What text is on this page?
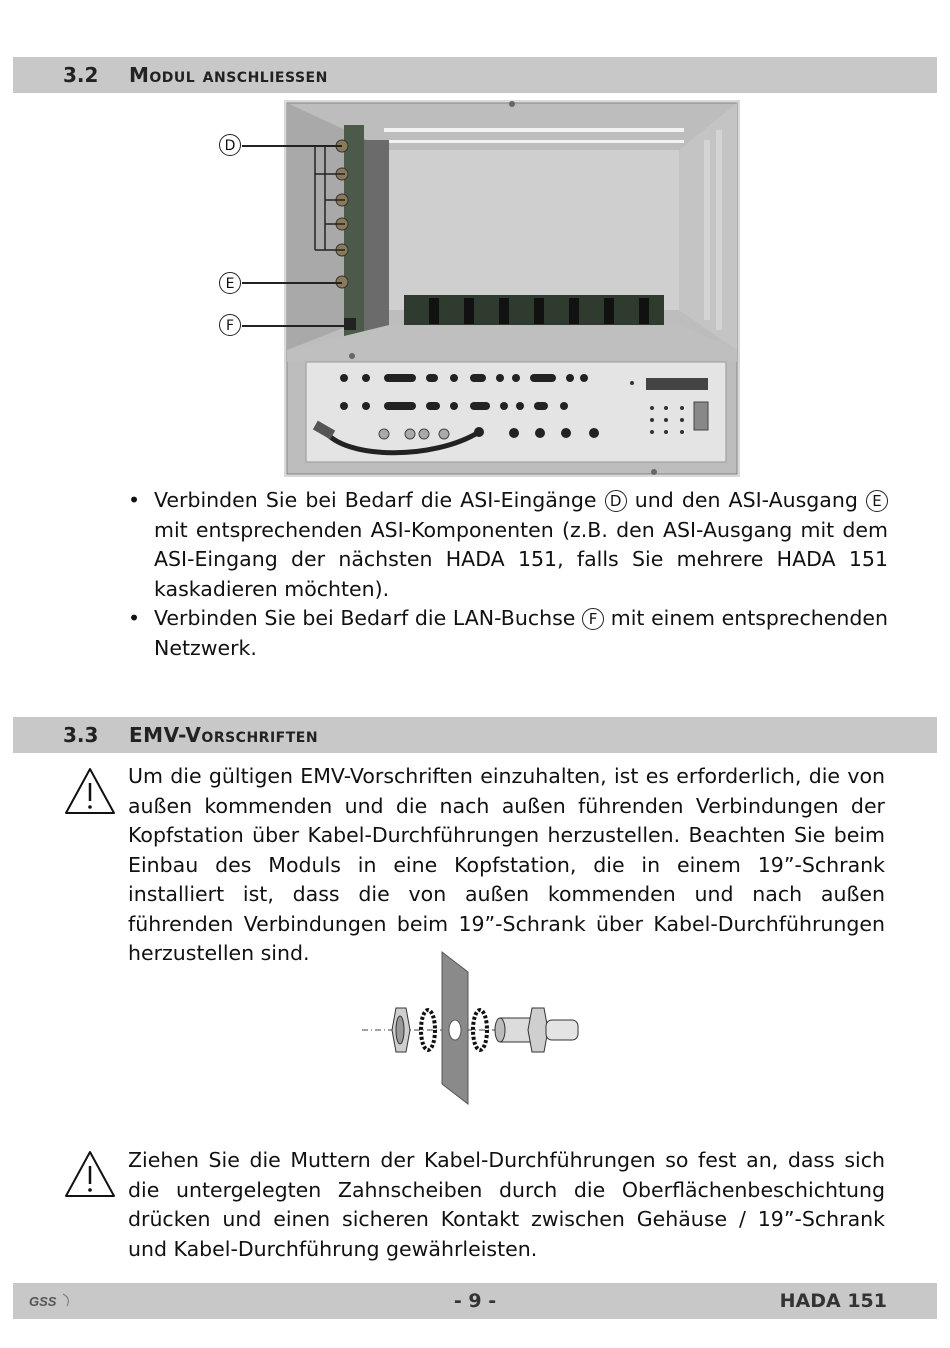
3.2 Modul anschliessen
D
E
F
• Verbinden Sie bei Bedarf die ASI-Eingänge D und den ASI-Ausgang E mit entsprechenden ASI-Komponenten (z.B. den ASI-Ausgang mit dem ASI-Eingang der nächsten HADA 151, falls Sie mehrere HADA 151 kaskadieren möchten).
• Verbinden Sie bei Bedarf die LAN-Buchse F mit einem entsprechenden Netzwerk.
3.3 EMV-Vorschriften
Um die gültigen EMV-Vorschriften einzuhalten, ist es erforderlich, die von außen kommenden und die nach außen führenden Verbindungen der Kopfstation über Kabel-Durchführungen herzustellen. Beachten Sie beim Einbau des Moduls in eine Kopfstation, die in einem 19”-Schrank installiert ist, dass die von außen kommenden und nach außen führenden Verbindungen beim 19”-Schrank über Kabel-Durchführungen herzustellen sind.
Ziehen Sie die Muttern der Kabel-Durchführungen so fest an, dass sich die untergelegten Zahnscheiben durch die Oberflächenbeschichtung drücken und einen sicheren Kontakt zwischen Gehäuse / 19”-Schrank und Kabel-Durchführung gewährleisten.
GSS	- 9 -	HADA 151
